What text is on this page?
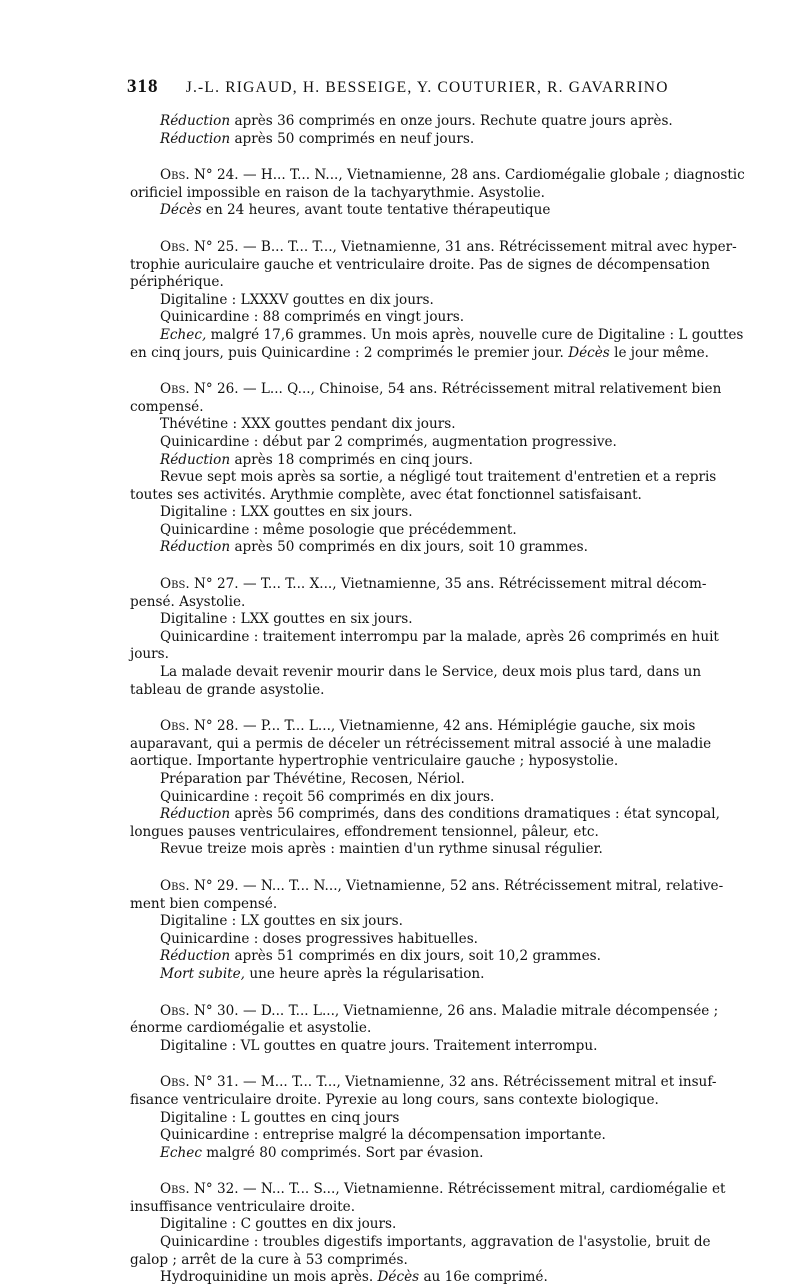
318 J.-L. RIGAUD, H. BESSEIGE, Y. COUTURIER, R. GAVARRINO
Réduction après 36 comprimés en onze jours. Rechute quatre jours après.
Réduction après 50 comprimés en neuf jours.
Obs. N° 24. — H... T... N..., Vietnamienne, 28 ans. Cardiomégalie globale ; diagnostic
orificiel impossible en raison de la tachyarythmie. Asystolie.
Décès en 24 heures, avant toute tentative thérapeutique
Obs. N° 25. — B... T... T..., Vietnamienne, 31 ans. Rétrécissement mitral avec hyper-
trophie auriculaire gauche et ventriculaire droite. Pas de signes de décompensation
périphérique.
Digitaline : LXXXV gouttes en dix jours.
Quinicardine : 88 comprimés en vingt jours.
Echec, malgré 17,6 grammes. Un mois après, nouvelle cure de Digitaline : L gouttes
en cinq jours, puis Quinicardine : 2 comprimés le premier jour. Décès le jour même.
Obs. N° 26. — L... Q..., Chinoise, 54 ans. Rétrécissement mitral relativement bien
compensé.
Thévétine : XXX gouttes pendant dix jours.
Quinicardine : début par 2 comprimés, augmentation progressive.
Réduction après 18 comprimés en cinq jours.
Revue sept mois après sa sortie, a négligé tout traitement d'entretien et a repris
toutes ses activités. Arythmie complète, avec état fonctionnel satisfaisant.
Digitaline : LXX gouttes en six jours.
Quinicardine : même posologie que précédemment.
Réduction après 50 comprimés en dix jours, soit 10 grammes.
Obs. N° 27. — T... T... X..., Vietnamienne, 35 ans. Rétrécissement mitral décom-
pensé. Asystolie.
Digitaline : LXX gouttes en six jours.
Quinicardine : traitement interrompu par la malade, après 26 comprimés en huit
jours.
La malade devait revenir mourir dans le Service, deux mois plus tard, dans un
tableau de grande asystolie.
Obs. N° 28. — P... T... L..., Vietnamienne, 42 ans. Hémiplégie gauche, six mois
auparavant, qui a permis de déceler un rétrécissement mitral associé à une maladie
aortique. Importante hypertrophie ventriculaire gauche ; hyposystolie.
Préparation par Thévétine, Recosen, Nériol.
Quinicardine : reçoit 56 comprimés en dix jours.
Réduction après 56 comprimés, dans des conditions dramatiques : état syncopal,
longues pauses ventriculaires, effondrement tensionnel, pâleur, etc.
Revue treize mois après : maintien d'un rythme sinusal régulier.
Obs. N° 29. — N... T... N..., Vietnamienne, 52 ans. Rétrécissement mitral, relative-
ment bien compensé.
Digitaline : LX gouttes en six jours.
Quinicardine : doses progressives habituelles.
Réduction après 51 comprimés en dix jours, soit 10,2 grammes.
Mort subite, une heure après la régularisation.
Obs. N° 30. — D... T... L..., Vietnamienne, 26 ans. Maladie mitrale décompensée ;
énorme cardiomégalie et asystolie.
Digitaline : VL gouttes en quatre jours. Traitement interrompu.
Obs. N° 31. — M... T... T..., Vietnamienne, 32 ans. Rétrécissement mitral et insuf-
fisance ventriculaire droite. Pyrexie au long cours, sans contexte biologique.
Digitaline : L gouttes en cinq jours
Quinicardine : entreprise malgré la décompensation importante.
Echec malgré 80 comprimés. Sort par évasion.
Obs. N° 32. — N... T... S..., Vietnamienne. Rétrécissement mitral, cardiomégalie et
insuffisance ventriculaire droite.
Digitaline : C gouttes en dix jours.
Quinicardine : troubles digestifs importants, aggravation de l'asystolie, bruit de
galop ; arrêt de la cure à 53 comprimés.
Hydroquinidine un mois après. Décès au 16e comprimé.
